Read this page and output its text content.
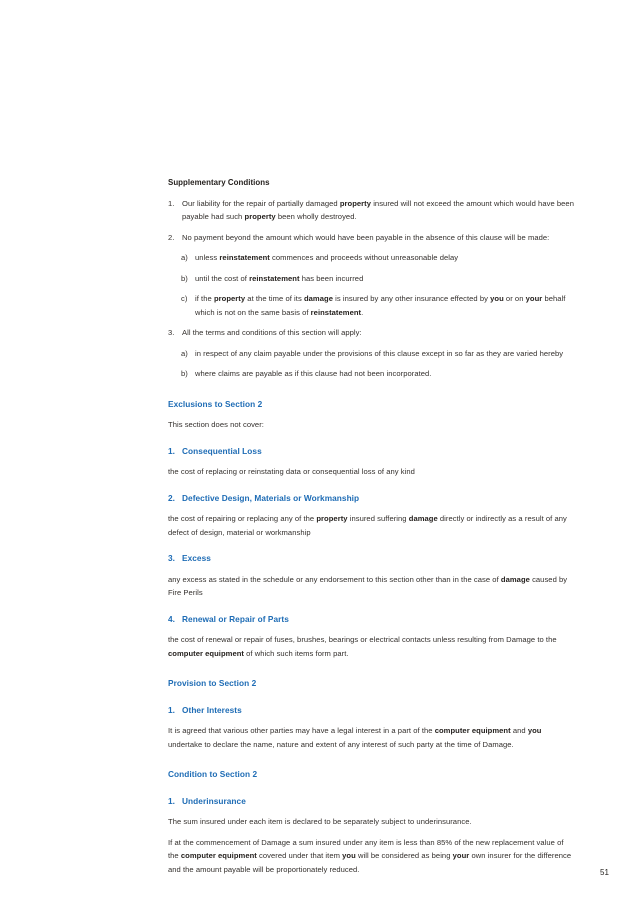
Supplementary Conditions
1. Our liability for the repair of partially damaged property insured will not exceed the amount which would have been payable had such property been wholly destroyed.
2. No payment beyond the amount which would have been payable in the absence of this clause will be made:
a) unless reinstatement commences and proceeds without unreasonable delay
b) until the cost of reinstatement has been incurred
c) if the property at the time of its damage is insured by any other insurance effected by you or on your behalf which is not on the same basis of reinstatement.
3. All the terms and conditions of this section will apply:
a) in respect of any claim payable under the provisions of this clause except in so far as they are varied hereby
b) where claims are payable as if this clause had not been incorporated.
Exclusions to Section 2
This section does not cover:
1. Consequential Loss
the cost of replacing or reinstating data or consequential loss of any kind
2. Defective Design, Materials or Workmanship
the cost of repairing or replacing any of the property insured suffering damage directly or indirectly as a result of any defect of design, material or workmanship
3. Excess
any excess as stated in the schedule or any endorsement to this section other than in the case of damage caused by Fire Perils
4. Renewal or Repair of Parts
the cost of renewal or repair of fuses, brushes, bearings or electrical contacts unless resulting from Damage to the computer equipment of which such items form part.
Provision to Section 2
1. Other Interests
It is agreed that various other parties may have a legal interest in a part of the computer equipment and you undertake to declare the name, nature and extent of any interest of such party at the time of Damage.
Condition to Section 2
1. Underinsurance
The sum insured under each item is declared to be separately subject to underinsurance.
If at the commencement of Damage a sum insured under any item is less than 85% of the new replacement value of the computer equipment covered under that item you will be considered as being your own insurer for the difference and the amount payable will be proportionately reduced.	51
